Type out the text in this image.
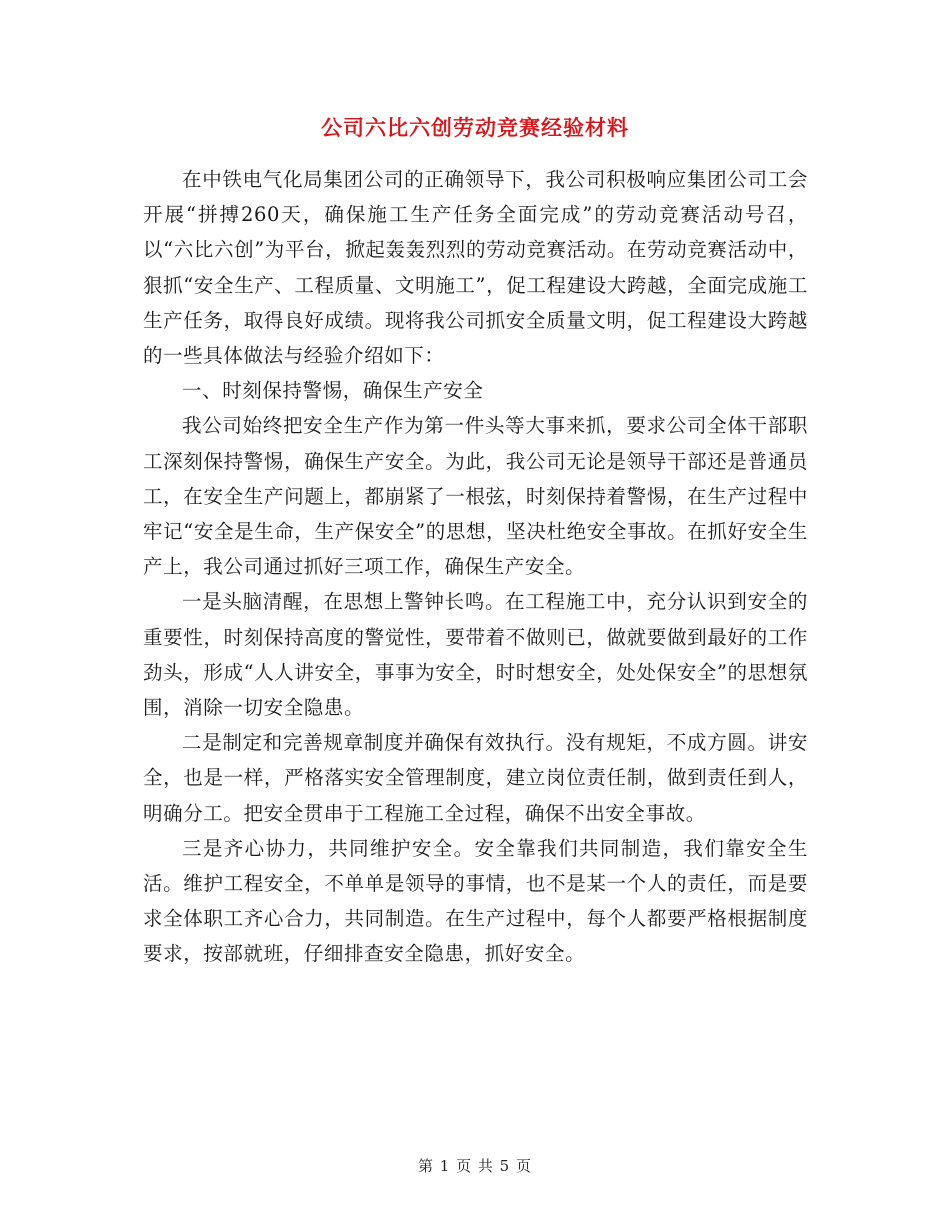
公司六比六创劳动竞赛经验材料

在中铁电气化局集团公司的正确领导下，我公司积极响应集团公司工会开展“拼搏260天，确保施工生产任务全面完成”的劳动竞赛活动号召，以“六比六创”为平台，掀起轰轰烈烈的劳动竞赛活动。在劳动竞赛活动中，狠抓“安全生产、工程质量、文明施工”，促工程建设大跨越，全面完成施工生产任务，取得良好成绩。现将我公司抓安全质量文明，促工程建设大跨越的一些具体做法与经验介绍如下：

一、时刻保持警惕，确保生产安全

我公司始终把安全生产作为第一件头等大事来抓，要求公司全体干部职工深刻保持警惕，确保生产安全。为此，我公司无论是领导干部还是普通员工，在安全生产问题上，都崩紧了一根弦，时刻保持着警惕，在生产过程中牢记“安全是生命，生产保安全”的思想，坚决杜绝安全事故。在抓好安全生产上，我公司通过抓好三项工作，确保生产安全。

一是头脑清醒，在思想上警钟长鸣。在工程施工中，充分认识到安全的重要性，时刻保持高度的警觉性，要带着不做则已，做就要做到最好的工作劲头，形成“人人讲安全，事事为安全，时时想安全，处处保安全”的思想氛围，消除一切安全隐患。

二是制定和完善规章制度并确保有效执行。没有规矩，不成方圆。讲安全，也是一样，严格落实安全管理制度，建立岗位责任制，做到责任到人，明确分工。把安全贯串于工程施工全过程，确保不出安全事故。

三是齐心协力，共同维护安全。安全靠我们共同制造，我们靠安全生活。维护工程安全，不单单是领导的事情，也不是某一个人的责任，而是要求全体职工齐心合力，共同制造。在生产过程中，每个人都要严格根据制度要求，按部就班，仔细排查安全隐患，抓好安全。

第 1 页 共 5 页
